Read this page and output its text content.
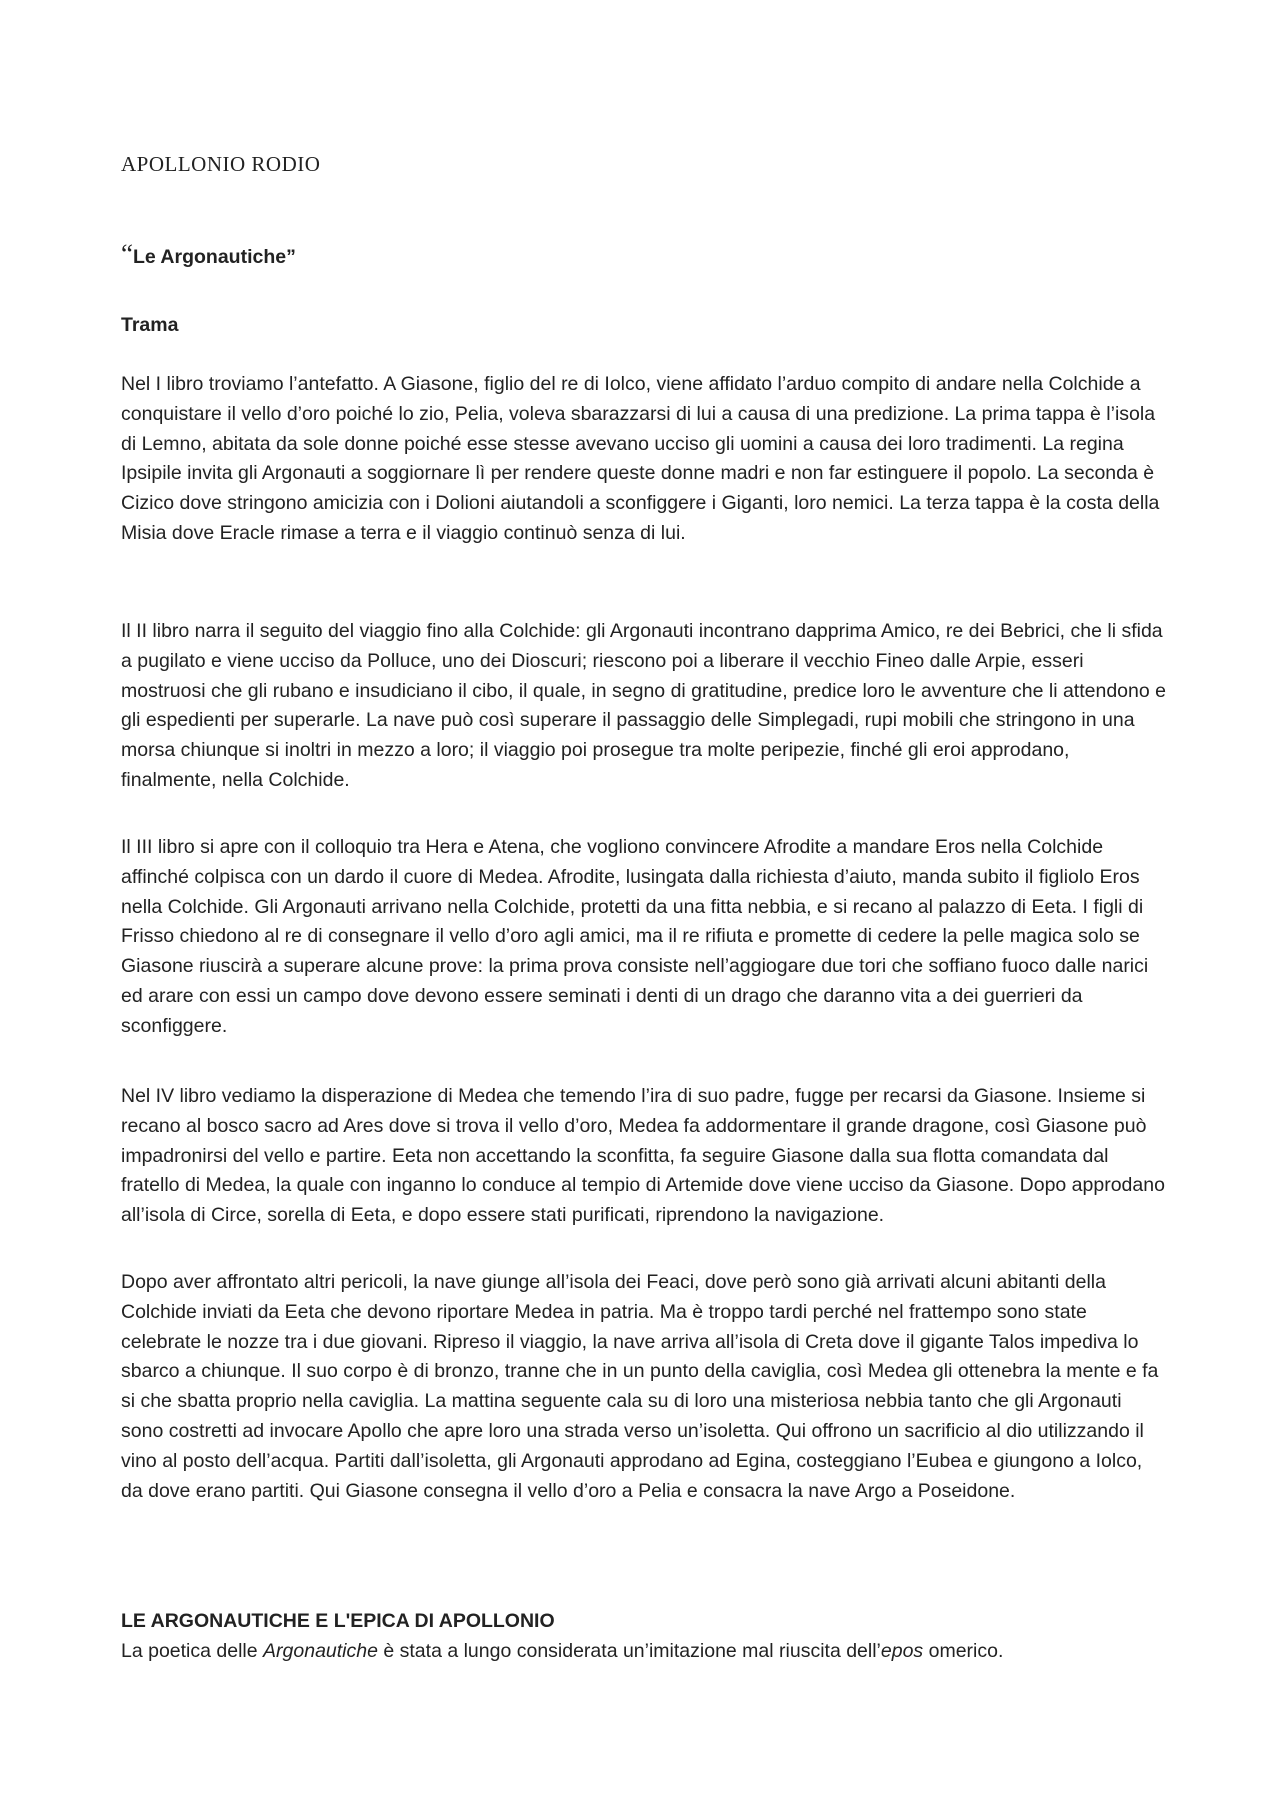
APOLLONIO RODIO
“Le Argonautiche”
Trama

Nel I libro troviamo l’antefatto. A Giasone, figlio del re di Iolco, viene affidato l’arduo compito di andare nella Colchide a conquistare il vello d’oro poiché lo zio, Pelia, voleva sbarazzarsi di lui a causa di una predizione. La prima tappa è l’isola di Lemno, abitata da sole donne poiché esse stesse avevano ucciso gli uomini a causa dei loro tradimenti. La regina Ipsipile invita gli Argonauti a soggiornare lì per rendere queste donne madri e non far estinguere il popolo. La seconda è Cizico dove stringono amicizia con i Dolioni aiutandoli a sconfiggere i Giganti, loro nemici. La terza tappa è la costa della Misia dove Eracle rimase a terra e il viaggio continuò senza di lui.

Il II libro narra il seguito del viaggio fino alla Colchide: gli Argonauti incontrano dapprima Amico, re dei Bebrici, che li sfida a pugilato e viene ucciso da Polluce, uno dei Dioscuri; riescono poi a liberare il vecchio Fineo dalle Arpie, esseri mostruosi che gli rubano e insudiciano il cibo, il quale, in segno di gratitudine, predice loro le avventure che li attendono e gli espedienti per superarle. La nave può così superare il passaggio delle Simplegadi, rupi mobili che stringono in una morsa chiunque si inoltri in mezzo a loro; il viaggio poi prosegue tra molte peripezie, finché gli eroi approdano, finalmente, nella Colchide.

Il III libro si apre con il colloquio tra Hera e Atena, che vogliono convincere Afrodite a mandare Eros nella Colchide affinché colpisca con un dardo il cuore di Medea. Afrodite, lusingata dalla richiesta d’aiuto, manda subito il figliolo Eros nella Colchide. Gli Argonauti arrivano nella Colchide, protetti da una fitta nebbia, e si recano al palazzo di Eeta. I figli di Frisso chiedono al re di consegnare il vello d’oro agli amici, ma il re rifiuta e promette di cedere la pelle magica solo se Giasone riuscirà a superare alcune prove: la prima prova consiste nell’aggiogare due tori che soffiano fuoco dalle narici ed arare con essi un campo dove devono essere seminati i denti di un drago che daranno vita a dei guerrieri da sconfiggere.

Nel IV libro vediamo la disperazione di Medea che temendo l’ira di suo padre, fugge per recarsi da Giasone. Insieme si recano al bosco sacro ad Ares dove si trova il vello d’oro, Medea fa addormentare il grande dragone, così Giasone può impadronirsi del vello e partire. Eeta non accettando la sconfitta, fa seguire Giasone dalla sua flotta comandata dal fratello di Medea, la quale con inganno lo conduce al tempio di Artemide dove viene ucciso da Giasone. Dopo approdano all’isola di Circe, sorella di Eeta, e dopo essere stati purificati, riprendono la navigazione.

Dopo aver affrontato altri pericoli, la nave giunge all’isola dei Feaci, dove però sono già arrivati alcuni abitanti della Colchide inviati da Eeta che devono riportare Medea in patria. Ma è troppo tardi perché nel frattempo sono state celebrate le nozze tra i due giovani. Ripreso il viaggio, la nave arriva all’isola di Creta dove il gigante Talos impediva lo sbarco a chiunque. Il suo corpo è di bronzo, tranne che in un punto della caviglia, così Medea gli ottenebra la mente e fa si che sbatta proprio nella caviglia. La mattina seguente cala su di loro una misteriosa nebbia tanto che gli Argonauti sono costretti ad invocare Apollo che apre loro una strada verso un’isoletta. Qui offrono un sacrificio al dio utilizzando il vino al posto dell’acqua. Partiti dall’isoletta, gli Argonauti approdano ad Egina, costeggiano l’Eubea e giungono a Iolco, da dove erano partiti. Qui Giasone consegna il vello d’oro a Pelia e consacra la nave Argo a Poseidone.

LE ARGONAUTICHE E L'EPICA DI APOLLONIO

La poetica delle Argonautiche è stata a lungo considerata un’imitazione mal riuscita dell’epos omerico.
